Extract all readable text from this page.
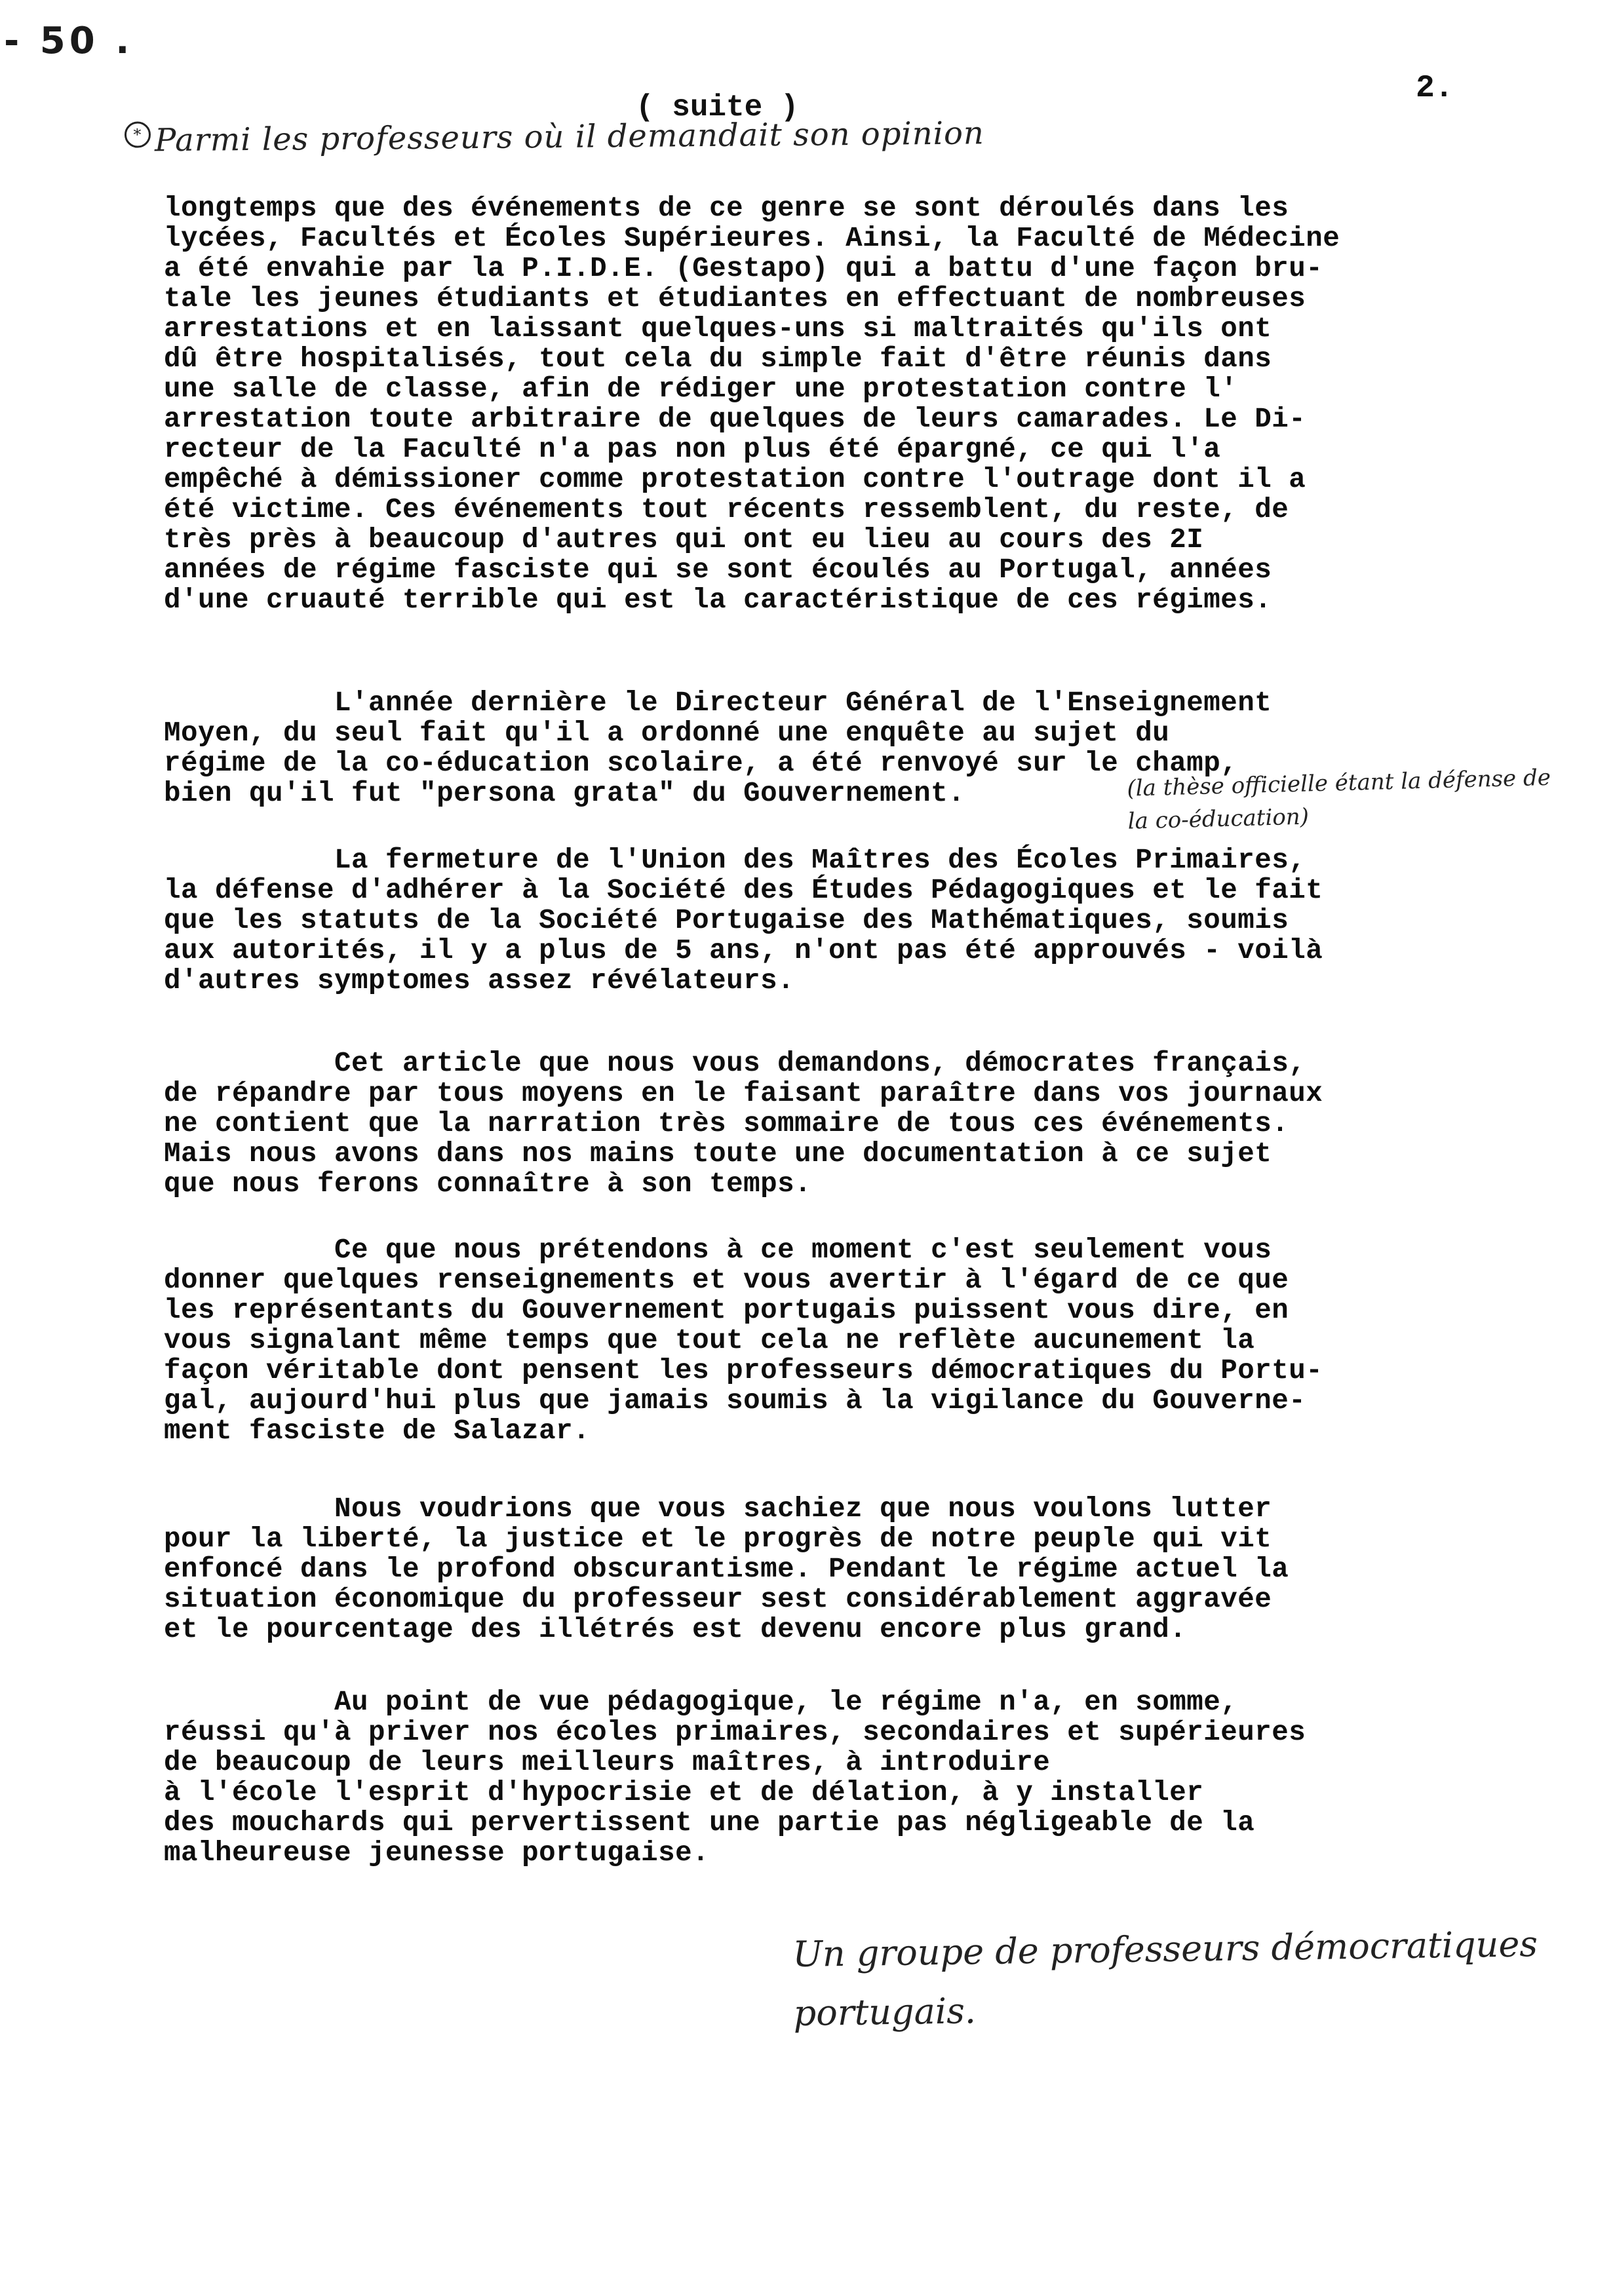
- 50 .
2.
( suite )
* Parmi les professeurs où il demandait son opinion

longtemps que des événements de ce genre se sont déroulés dans les
lycées, Facultés et Écoles Supérieures. Ainsi, la Faculté de Médecine
a été envahie par la P.I.D.E. (Gestapo) qui a battu d'une façon bru-
tale les jeunes étudiants et étudiantes en effectuant de nombreuses
arrestations et en laissant quelques-uns si maltraités qu'ils ont
dû être hospitalisés, tout cela du simple fait d'être réunis dans
une salle de classe, afin de rédiger une protestation contre l'
arrestation toute arbitraire de quelques de leurs camarades. Le Di-
recteur de la Faculté n'a pas non plus été épargné, ce qui l'a
empêché à démissioner comme protestation contre l'outrage dont il a
été victime. Ces événements tout récents ressemblent, du reste, de
très près à beaucoup d'autres qui ont eu lieu au cours des 2I
années de régime fasciste qui se sont écoulés au Portugal, années
d'une cruauté terrible qui est la caractéristique de ces régimes.

L'année dernière le Directeur Général de l'Enseignement
Moyen, du seul fait qu'il a ordonné une enquête au sujet du
régime de la co-éducation scolaire, a été renvoyé sur le champ,
bien qu'il fut "persona grata" du Gouvernement.

La fermeture de l'Union des Maîtres des Écoles Primaires,
la défense d'adhérer à la Société des Études Pédagogiques et le fait
que les statuts de la Société Portugaise des Mathématiques, soumis
aux autorités, il y a plus de 5 ans, n'ont pas été approuvés - voilà
d'autres symptomes assez révélateurs.

Cet article que nous vous demandons, démocrates français,
de répandre par tous moyens en le faisant paraître dans vos journaux
ne contient que la narration très sommaire de tous ces événements.
Mais nous avons dans nos mains toute une documentation à ce sujet
que nous ferons connaître à son temps.

Ce que nous prétendons à ce moment c'est seulement vous
donner quelques renseignements et vous avertir à l'égard de ce que
les représentants du Gouvernement portugais puissent vous dire, en
vous signalant même temps que tout cela ne reflète aucunement la
façon véritable dont pensent les professeurs démocratiques du Portu-
gal, aujourd'hui plus que jamais soumis à la vigilance du Gouverne-
ment fasciste de Salazar.

Nous voudrions que vous sachiez que nous voulons lutter
pour la liberté, la justice et le progrès de notre peuple qui vit
enfoncé dans le profond obscurantisme. Pendant le régime actuel la
situation économique du professeur sest considérablement aggravée
et le pourcentage des illétrés est devenu encore plus grand.

Au point de vue pédagogique, le régime n'a, en somme,
réussi qu'à priver nos écoles primaires, secondaires et supérieures
de beaucoup de leurs meilleurs maîtres, à introduire
à l'école l'esprit d'hypocrisie et de délation, à y installer
des mouchards qui pervertissent une partie pas négligeable de la
malheureuse jeunesse portugaise.

(la thèse officielle étant la défense de la co-éducation)
Un groupe de professeurs démocratiques portugais.
